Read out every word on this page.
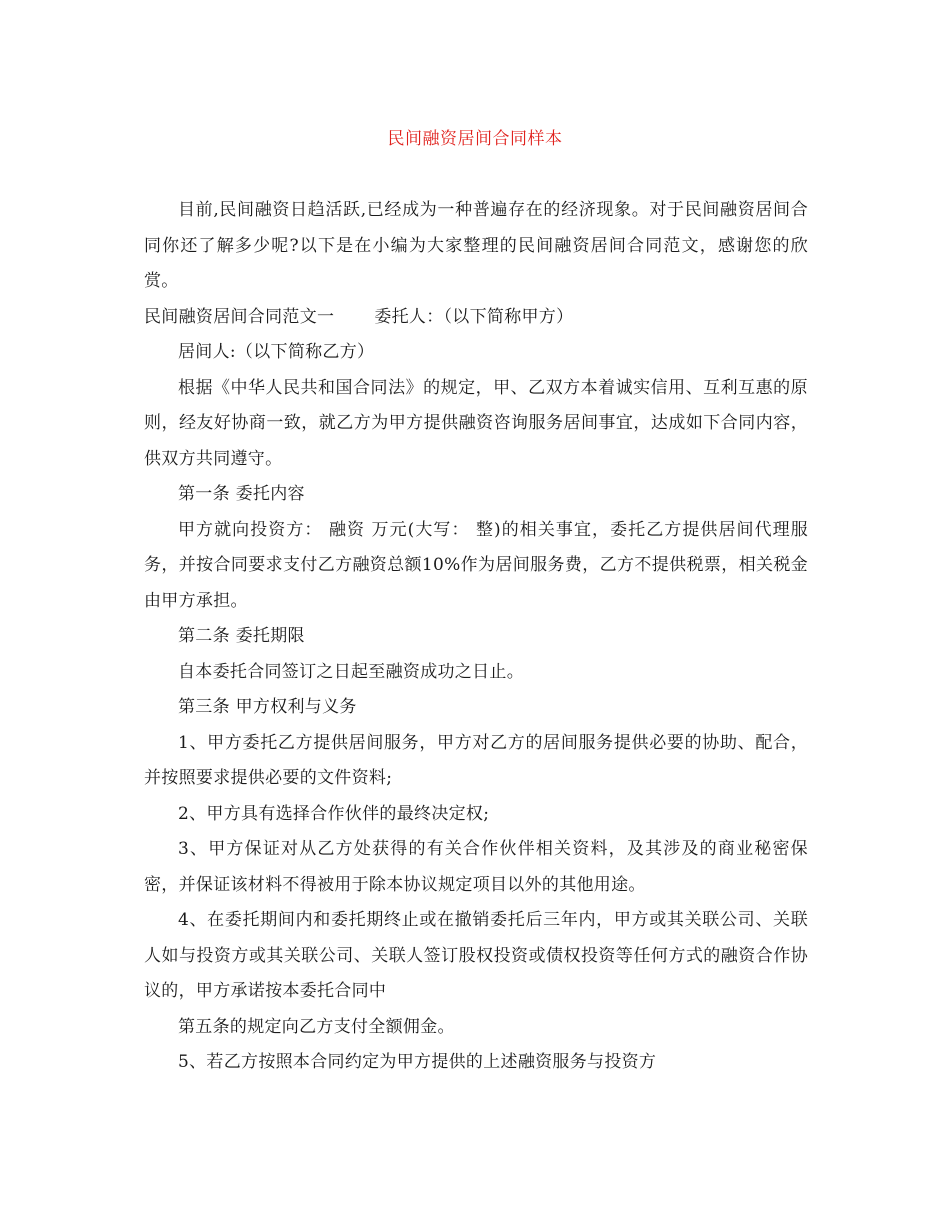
民间融资居间合同样本

目前,民间融资日趋活跃,已经成为一种普遍存在的经济现象。对于民间融资居间合同你还了解多少呢?以下是在小编为大家整理的民间融资居间合同范文，感谢您的欣赏。

民间融资居间合同范文一 委托人：（以下简称甲方）

居间人:（以下简称乙方）

根据《中华人民共和国合同法》的规定，甲、乙双方本着诚实信用、互利互惠的原则，经友好协商一致，就乙方为甲方提供融资咨询服务居间事宜，达成如下合同内容，供双方共同遵守。

第一条 委托内容

甲方就向投资方： 融资 万元(大写： 整)的相关事宜，委托乙方提供居间代理服务，并按合同要求支付乙方融资总额10%作为居间服务费，乙方不提供税票，相关税金由甲方承担。

第二条 委托期限

自本委托合同签订之日起至融资成功之日止。

第三条 甲方权利与义务

1、甲方委托乙方提供居间服务，甲方对乙方的居间服务提供必要的协助、配合，并按照要求提供必要的文件资料;

2、甲方具有选择合作伙伴的最终决定权;

3、甲方保证对从乙方处获得的有关合作伙伴相关资料，及其涉及的商业秘密保密，并保证该材料不得被用于除本协议规定项目以外的其他用途。

4、在委托期间内和委托期终止或在撤销委托后三年内，甲方或其关联公司、关联人如与投资方或其关联公司、关联人签订股权投资或债权投资等任何方式的融资合作协议的，甲方承诺按本委托合同中

第五条的规定向乙方支付全额佣金。

5、若乙方按照本合同约定为甲方提供的上述融资服务与投资方
